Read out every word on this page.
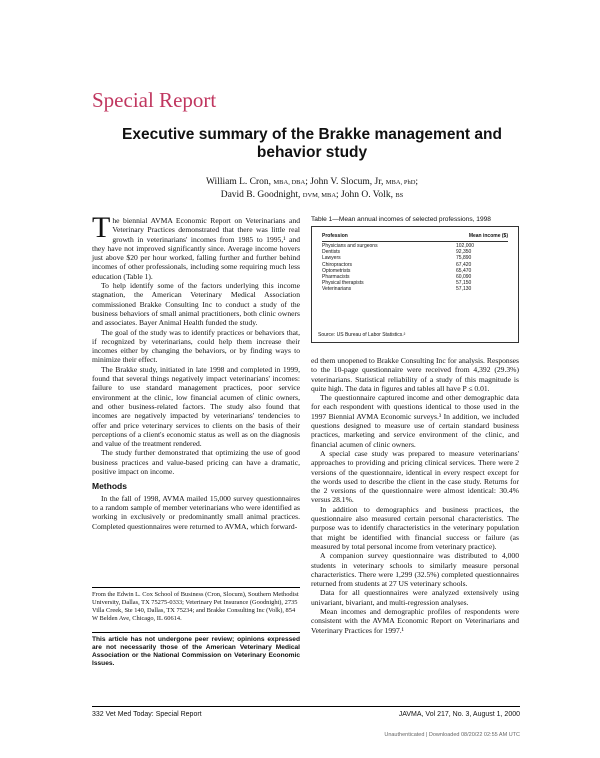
Special Report
Executive summary of the Brakke management and behavior study
William L. Cron, MBA, DBA; John V. Slocum, Jr, MBA, PhD;
David B. Goodnight, DVM, MBA; John O. Volk, BS

The biennial AVMA Economic Report on Veterinarians and Veterinary Practices demonstrated that there was little real growth in veterinarians' incomes from 1985 to 1995,¹ and they have not improved significantly since. Average income hovers just above $20 per hour worked, falling further and further behind incomes of other professionals, including some requiring much less education (Table 1).

To help identify some of the factors underlying this income stagnation, the American Veterinary Medical Association commissioned Brakke Consulting Inc to conduct a study of the business behaviors of small animal practitioners, both clinic owners and associates. Bayer Animal Health funded the study.

The goal of the study was to identify practices or behaviors that, if recognized by veterinarians, could help them increase their incomes either by changing the behaviors, or by finding ways to minimize their effect.

The Brakke study, initiated in late 1998 and completed in 1999, found that several things negatively impact veterinarians' incomes: failure to use standard management practices, poor service environment at the clinic, low financial acumen of clinic owners, and other business-related factors. The study also found that incomes are negatively impacted by veterinarians' tendencies to offer and price veterinary services to clients on the basis of their perceptions of a client's economic status as well as on the diagnosis and value of the treatment rendered.

The study further demonstrated that optimizing the use of good business practices and value-based pricing can have a dramatic, positive impact on income.

Methods

In the fall of 1998, AVMA mailed 15,000 survey questionnaires to a random sample of member veterinarians who were identified as working in exclusively or predominantly small animal practices. Completed questionnaires were returned to AVMA, which forward-

From the Edwin L. Cox School of Business (Cron, Slocum), Southern Methodist University, Dallas, TX 75275-0333; Veterinary Pet Insurance (Goodnight), 2735 Villa Creek, Ste 140, Dallas, TX 75234; and Brakke Consulting Inc (Volk), 854 W Belden Ave, Chicago, IL 60614.
This article has not undergone peer review; opinions expressed are not necessarily those of the American Veterinary Medical Association or the National Commission on Veterinary Economic Issues.
Table 1—Mean annual incomes of selected professions, 1998
Profession	Mean income ($)
Physicians and surgeons	102,000
Dentists	92,350
Lawyers	75,890
Chiropractors	67,420
Optometrists	65,470
Pharmacists	60,090
Physical therapists	57,150
Veterinarians	57,130
Source: US Bureau of Labor Statistics.²

ed them unopened to Brakke Consulting Inc for analysis. Responses to the 10-page questionnaire were received from 4,392 (29.3%) veterinarians. Statistical reliability of a study of this magnitude is quite high. The data in figures and tables all have P ≤ 0.01.

The questionnaire captured income and other demographic data for each respondent with questions identical to those used in the 1997 Biennial AVMA Economic surveys.³ In addition, we included questions designed to measure use of certain standard business practices, marketing and service environment of the clinic, and financial acumen of clinic owners.

A special case study was prepared to measure veterinarians' approaches to providing and pricing clinical services. There were 2 versions of the questionnaire, identical in every respect except for the words used to describe the client in the case study. Returns for the 2 versions of the questionnaire were almost identical: 30.4% versus 28.1%.

In addition to demographics and business practices, the questionnaire also measured certain personal characteristics. The purpose was to identify characteristics in the veterinary population that might be identified with financial success or failure (as measured by total personal income from veterinary practice).

A companion survey questionnaire was distributed to 4,000 students in veterinary schools to similarly measure personal characteristics. There were 1,299 (32.5%) completed questionnaires returned from students at 27 US veterinary schools.

Data for all questionnaires were analyzed extensively using univariant, bivariant, and multi-regression analyses.

Mean incomes and demographic profiles of respondents were consistent with the AVMA Economic Report on Veterinarians and Veterinary Practices for 1997.¹

332 Vet Med Today: Special Report	JAVMA, Vol 217, No. 3, August 1, 2000
Unauthenticated | Downloaded 08/20/22 02:55 AM UTC
